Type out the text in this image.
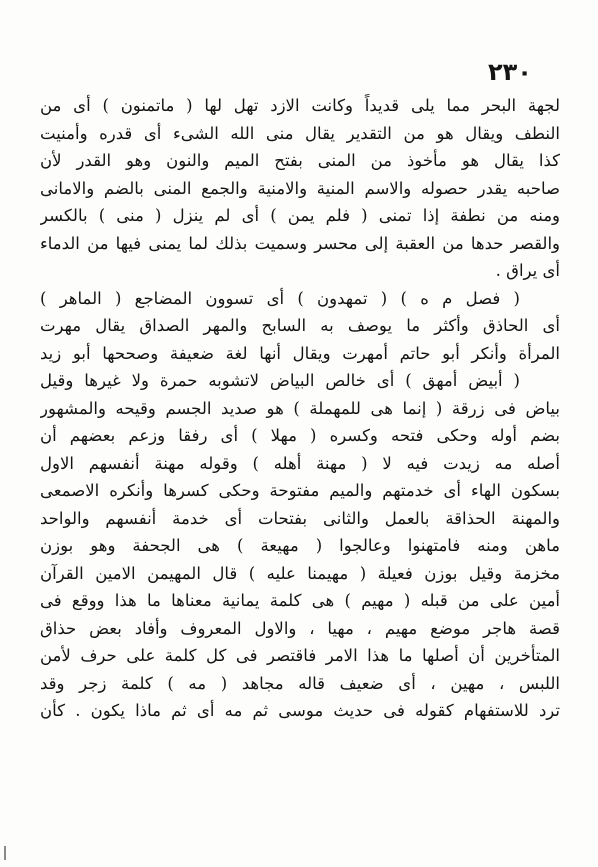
٢٣٠
لجهة البحر مما يلى قديداً وكانت الازد تهل لها ( ماتمنون ) أى من
النطف ويقال هو من التقدير يقال منى الله الشىء أى قدره وأمنيت
كذا يقال هو مأخوذ من المنى بفتح الميم والنون وهو القدر لأن
صاحبه يقدر حصوله والاسم المنية والامنية والجمع المنى بالضم والامانى
ومنه من نطفة إذا تمنى ( فلم يمن ) أى لم ينزل ( منى ) بالكسر
والقصر حدها من العقبة إلى محسر وسميت بذلك لما يمنى فيها من الدماء
أى يراق .
( فصل م ه ) ( تمهدون ) أى تسوون المضاجع ( الماهر )
أى الحاذق وأكثر ما يوصف به السابح والمهر الصداق يقال مهرت
المرأة وأنكر أبو حاتم أمهرت ويقال أنها لغة ضعيفة وصححها أبو زيد
( أبيض أمهق ) أى خالص البياض لاتشوبه حمرة ولا غيرها وقيل
بياض فى زرقة ( إنما هى للمهملة ) هو صديد الجسم وقيحه والمشهور
بضم أوله وحكى فتحه وكسره ( مهلا ) أى رفقا وزعم بعضهم أن
أصله مه زيدت فيه لا ( مهنة أهله ) وقوله مهنة أنفسهم الاول
بسكون الهاء أى خدمتهم والميم مفتوحة وحكى كسرها وأنكره الاصمعى
والمهنة الحذاقة بالعمل والثانى بفتحات أى خدمة أنفسهم والواحد
ماهن ومنه فامتهنوا وعالجوا ( مهيعة ) هى الجحفة وهو بوزن
مخزمة وقيل بوزن فعيلة ( مهيمنا عليه ) قال المهيمن الامين القرآن
أمين على من قبله ( مهيم ) هى كلمة يمانية معناها ما هذا ووقع فى
قصة هاجر موضع مهيم ، مهيا ، والاول المعروف وأفاد بعض حذاق
المتأخرين أن أصلها ما هذا الامر فاقتصر فى كل كلمة على حرف لأمن
اللبس ، مهين ، أى ضعيف قاله مجاهد ( مه ) كلمة زجر وقد
ترد للاستفهام كقوله فى حديث موسى ثم مه أى ثم ماذا يكون . كأن
